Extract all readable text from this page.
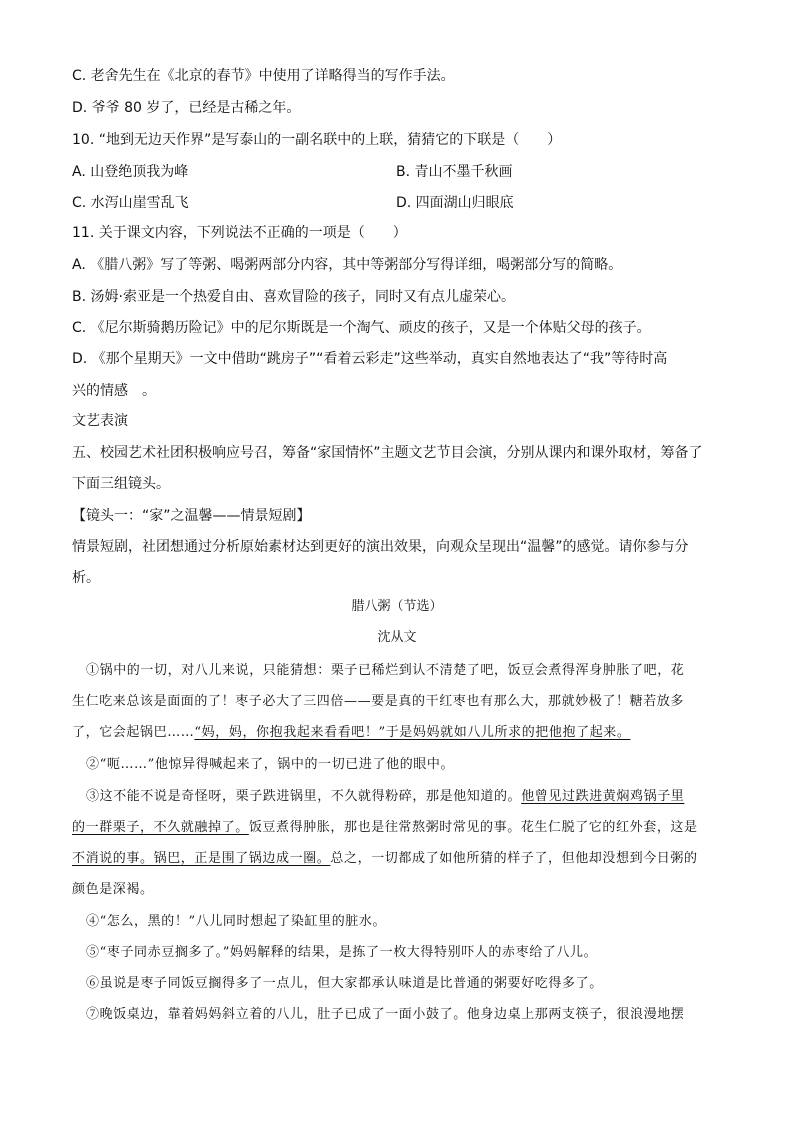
C. 老舍先生在《北京的春节》中使用了详略得当的写作手法。
D. 爷爷 80 岁了，已经是古稀之年。
10. “地到无边天作界”是写泰山的一副名联中的上联，猜猜它的下联是（　　）
A. 山登绝顶我为峰	B. 青山不墨千秋画
C. 水泻山崖雪乱飞	D. 四面湖山归眼底
11. 关于课文内容，下列说法不正确的一项是（　　）
A. 《腊八粥》写了等粥、喝粥两部分内容，其中等粥部分写得详细，喝粥部分写的简略。
B. 汤姆·索亚是一个热爱自由、喜欢冒险的孩子，同时又有点儿虚荣心。
C. 《尼尔斯骑鹅历险记》中的尼尔斯既是一个淘气、顽皮的孩子，又是一个体贴父母的孩子。
D. 《那个星期天》一文中借助“跳房子”“看着云彩走”这些举动，真实自然地表达了“我”等待时高
兴的情感　。
文艺表演
五、校园艺术社团积极响应号召，筹备“家国情怀”主题文艺节目会演，分别从课内和课外取材，筹备了
下面三组镜头。
【镜头一：“家”之温馨——情景短剧】
情景短剧，社团想通过分析原始素材达到更好的演出效果，向观众呈现出“温馨”的感觉。请你参与分
析。
腊八粥（节选）
沈从文
①锅中的一切，对八儿来说，只能猜想：栗子已稀烂到认不清楚了吧，饭豆会煮得浑身肿胀了吧，花
生仁吃来总该是面面的了！枣子必大了三四倍——要是真的干红枣也有那么大，那就妙极了！糖若放多
了，它会起锅巴……“妈，妈，你抱我起来看看吧！”于是妈妈就如八儿所求的把他抱了起来。
②“呃……”他惊异得喊起来了，锅中的一切已进了他的眼中。
③这不能不说是奇怪呀，栗子跌进锅里，不久就得粉碎，那是他知道的。他曾见过跌进黄焖鸡锅子里
的一群栗子，不久就融掉了。饭豆煮得肿胀，那也是往常熬粥时常见的事。花生仁脱了它的红外套，这是
不消说的事。锅巴，正是围了锅边成一圈。总之，一切都成了如他所猜的样子了，但他却没想到今日粥的
颜色是深褐。
④“怎么，黑的！”八儿同时想起了染缸里的脏水。
⑤“枣子同赤豆搁多了。”妈妈解释的结果，是拣了一枚大得特别吓人的赤枣给了八儿。
⑥虽说是枣子同饭豆搁得多了一点儿，但大家都承认味道是比普通的粥要好吃得多了。
⑦晚饭桌边，靠着妈妈斜立着的八儿，肚子已成了一面小鼓了。他身边桌上那两支筷子，很浪漫地摆
